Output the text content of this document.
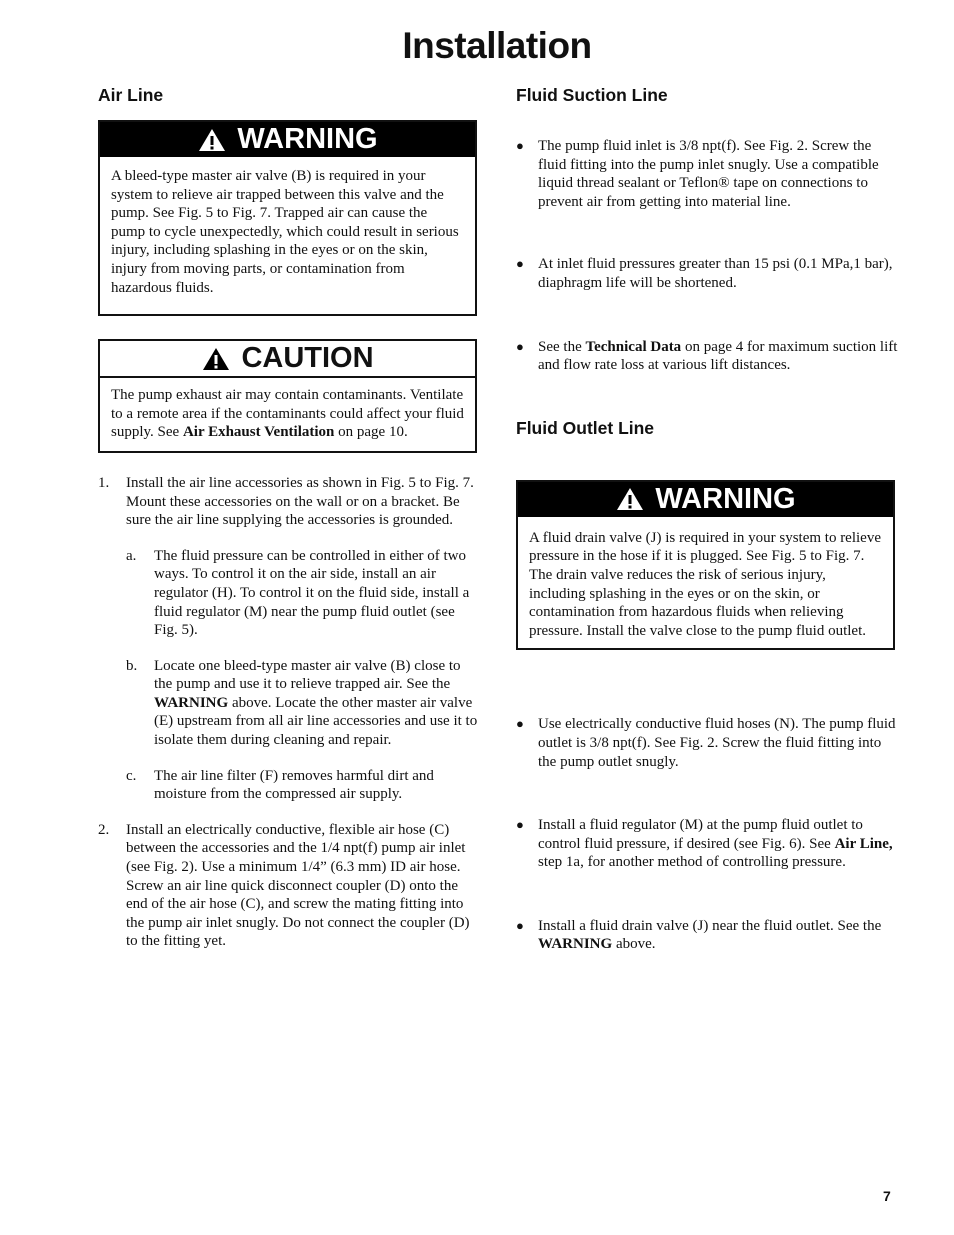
Installation
Air Line
WARNING
A bleed-type master air valve (B) is required in your system to relieve air trapped between this valve and the pump. See Fig. 5 to Fig. 7. Trapped air can cause the pump to cycle unexpectedly, which could result in serious injury, including splashing in the eyes or on the skin, injury from moving parts, or contamination from hazardous fluids.
CAUTION
The pump exhaust air may contain contaminants. Ventilate to a remote area if the contaminants could affect your fluid supply. See Air Exhaust Ventilation on page 10.
1.	Install the air line accessories as shown in Fig. 5 to Fig. 7. Mount these accessories on the wall or on a bracket. Be sure the air line supplying the accessories is grounded.
a.	The fluid pressure can be controlled in either of two ways. To control it on the air side, install an air regulator (H). To control it on the fluid side, install a fluid regulator (M) near the pump fluid outlet (see Fig. 5).
b.	Locate one bleed-type master air valve (B) close to the pump and use it to relieve trapped air. See the WARNING above. Locate the other master air valve (E) upstream from all air line accessories and use it to isolate them during cleaning and repair.
c.	The air line filter (F) removes harmful dirt and moisture from the compressed air supply.
2.	Install an electrically conductive, flexible air hose (C) between the accessories and the 1/4 npt(f) pump air inlet (see Fig. 2). Use a minimum 1/4” (6.3 mm) ID air hose. Screw an air line quick disconnect coupler (D) onto the end of the air hose (C), and screw the mating fitting into the pump air inlet snugly. Do not connect the coupler (D) to the fitting yet.
Fluid Suction Line
● The pump fluid inlet is 3/8 npt(f). See Fig. 2. Screw the fluid fitting into the pump inlet snugly. Use a compatible liquid thread sealant or Teflon® tape on connections to prevent air from getting into material line.
● At inlet fluid pressures greater than 15 psi (0.1 MPa,1 bar), diaphragm life will be shortened.
● See the Technical Data on page 4 for maximum suction lift and flow rate loss at various lift distances.
Fluid Outlet Line
WARNING
A fluid drain valve (J) is required in your system to relieve pressure in the hose if it is plugged. See Fig. 5 to Fig. 7. The drain valve reduces the risk of serious injury, including splashing in the eyes or on the skin, or contamination from hazardous fluids when relieving pressure. Install the valve close to the pump fluid outlet.
● Use electrically conductive fluid hoses (N). The pump fluid outlet is 3/8 npt(f). See Fig. 2. Screw the fluid fitting into the pump outlet snugly.
● Install a fluid regulator (M) at the pump fluid outlet to control fluid pressure, if desired (see Fig. 6). See Air Line, step 1a, for another method of controlling pressure.
● Install a fluid drain valve (J) near the fluid outlet. See the WARNING above.
7
